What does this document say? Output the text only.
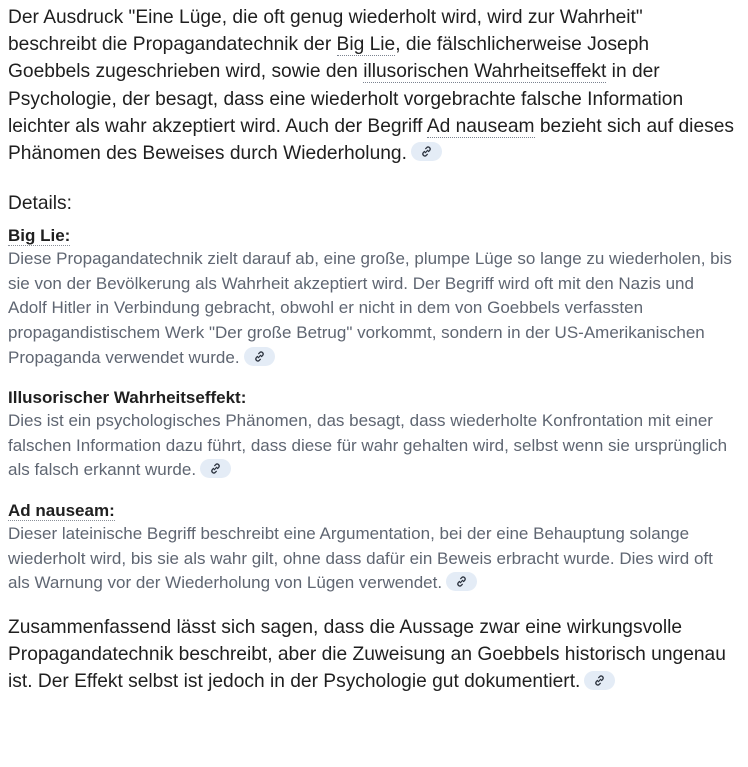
Der Ausdruck "Eine Lüge, die oft genug wiederholt wird, wird zur Wahrheit" beschreibt die Propagandatechnik der Big Lie, die fälschlicherweise Joseph Goebbels zugeschrieben wird, sowie den illusorischen Wahrheitseffekt in der Psychologie, der besagt, dass eine wiederholt vorgebrachte falsche Information leichter als wahr akzeptiert wird. Auch der Begriff Ad nauseam bezieht sich auf dieses Phänomen des Beweises durch Wiederholung.

Details:

Big Lie:

Diese Propagandatechnik zielt darauf ab, eine große, plumpe Lüge so lange zu wiederholen, bis sie von der Bevölkerung als Wahrheit akzeptiert wird. Der Begriff wird oft mit den Nazis und Adolf Hitler in Verbindung gebracht, obwohl er nicht in dem von Goebbels verfassten propagandistischem Werk "Der große Betrug" vorkommt, sondern in der US-Amerikanischen Propaganda verwendet wurde.

Illusorischer Wahrheitseffekt:

Dies ist ein psychologisches Phänomen, das besagt, dass wiederholte Konfrontation mit einer falschen Information dazu führt, dass diese für wahr gehalten wird, selbst wenn sie ursprünglich als falsch erkannt wurde.

Ad nauseam:

Dieser lateinische Begriff beschreibt eine Argumentation, bei der eine Behauptung solange wiederholt wird, bis sie als wahr gilt, ohne dass dafür ein Beweis erbracht wurde. Dies wird oft als Warnung vor der Wiederholung von Lügen verwendet.

Zusammenfassend lässt sich sagen, dass die Aussage zwar eine wirkungsvolle Propagandatechnik beschreibt, aber die Zuweisung an Goebbels historisch ungenau ist. Der Effekt selbst ist jedoch in der Psychologie gut dokumentiert.
